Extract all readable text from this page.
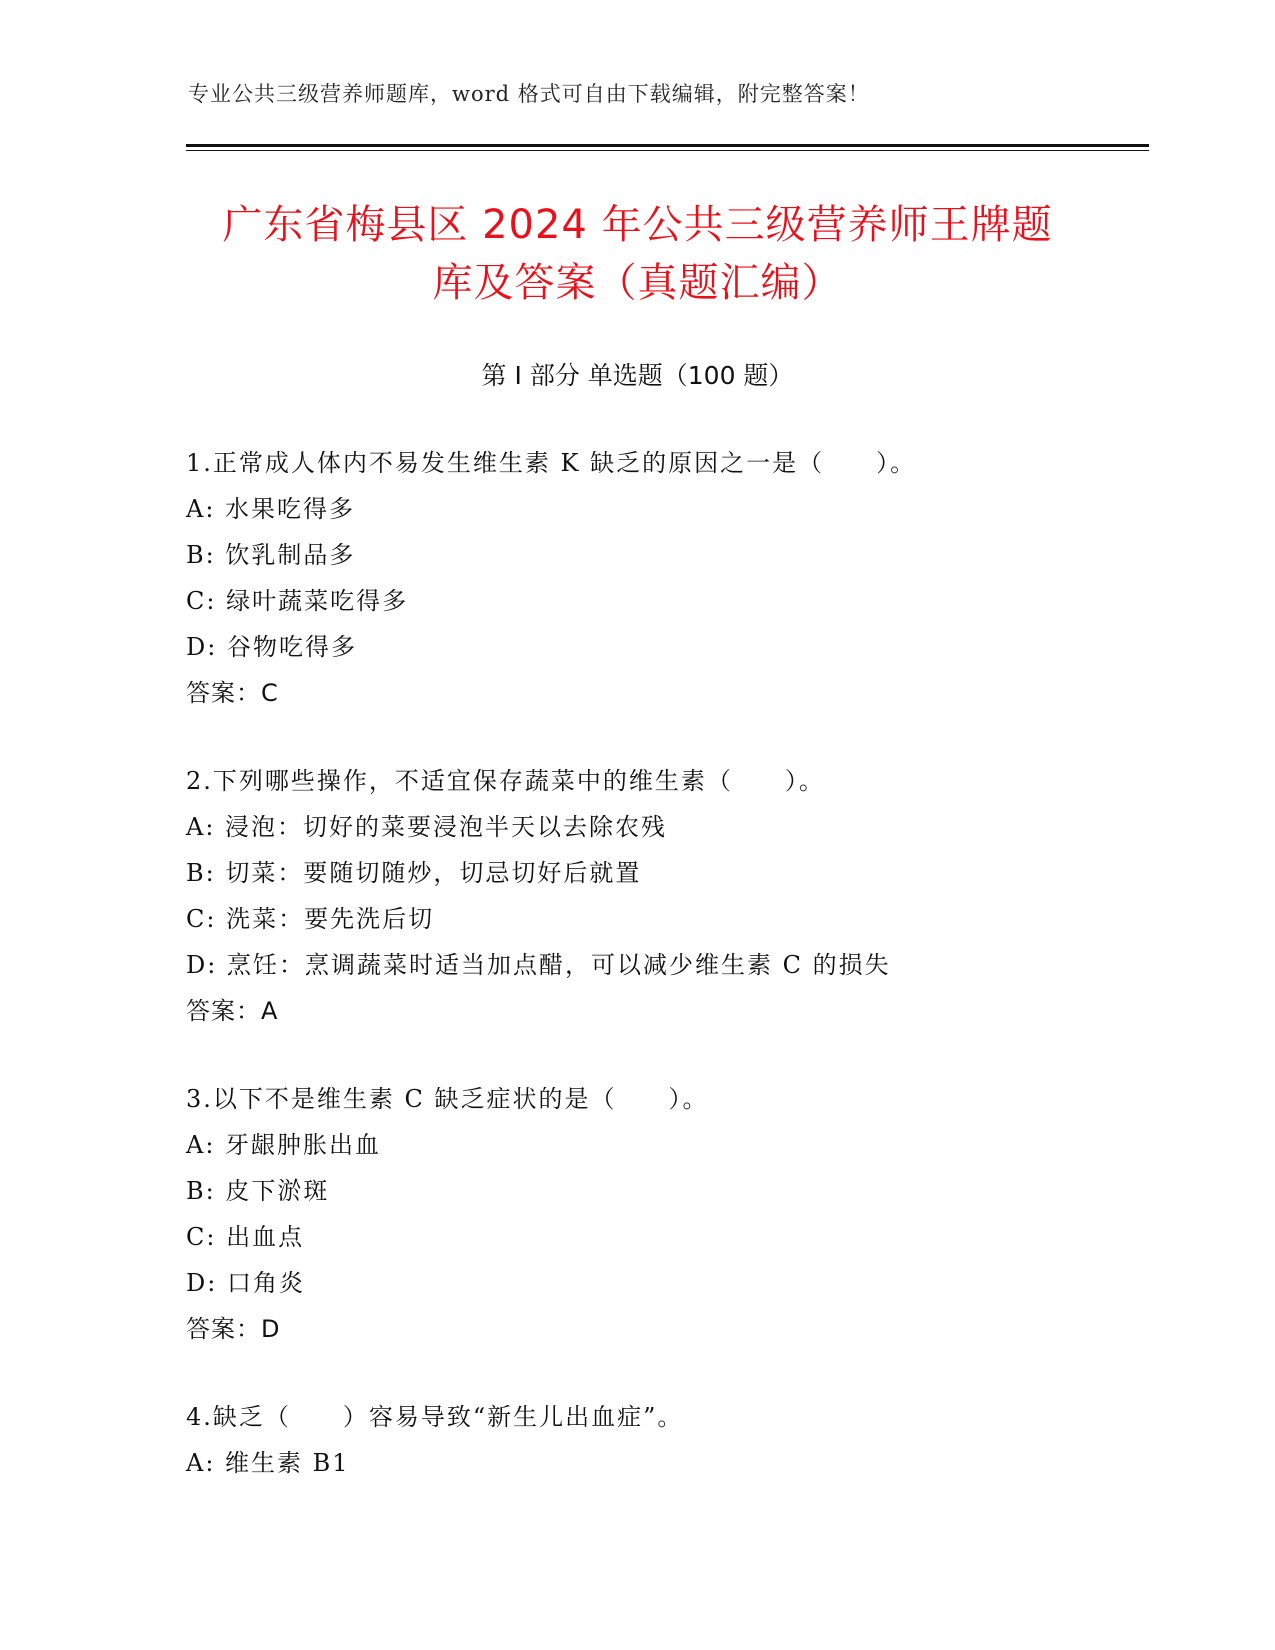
专业公共三级营养师题库，word 格式可自由下载编辑，附完整答案！
广东省梅县区 2024 年公共三级营养师王牌题
库及答案（真题汇编）
第 I 部分 单选题（100 题）
1.正常成人体内不易发生维生素 K 缺乏的原因之一是（　　）。
A: 水果吃得多
B: 饮乳制品多
C: 绿叶蔬菜吃得多
D: 谷物吃得多
答案：C
2.下列哪些操作，不适宜保存蔬菜中的维生素（　　）。
A: 浸泡：切好的菜要浸泡半天以去除农残
B: 切菜：要随切随炒，切忌切好后就置
C: 洗菜：要先洗后切
D: 烹饪：烹调蔬菜时适当加点醋，可以减少维生素 C 的损失
答案：A
3.以下不是维生素 C 缺乏症状的是（　　）。
A: 牙龈肿胀出血
B: 皮下淤斑
C: 出血点
D: 口角炎
答案：D
4.缺乏（　　）容易导致“新生儿出血症”。
A: 维生素 B1
